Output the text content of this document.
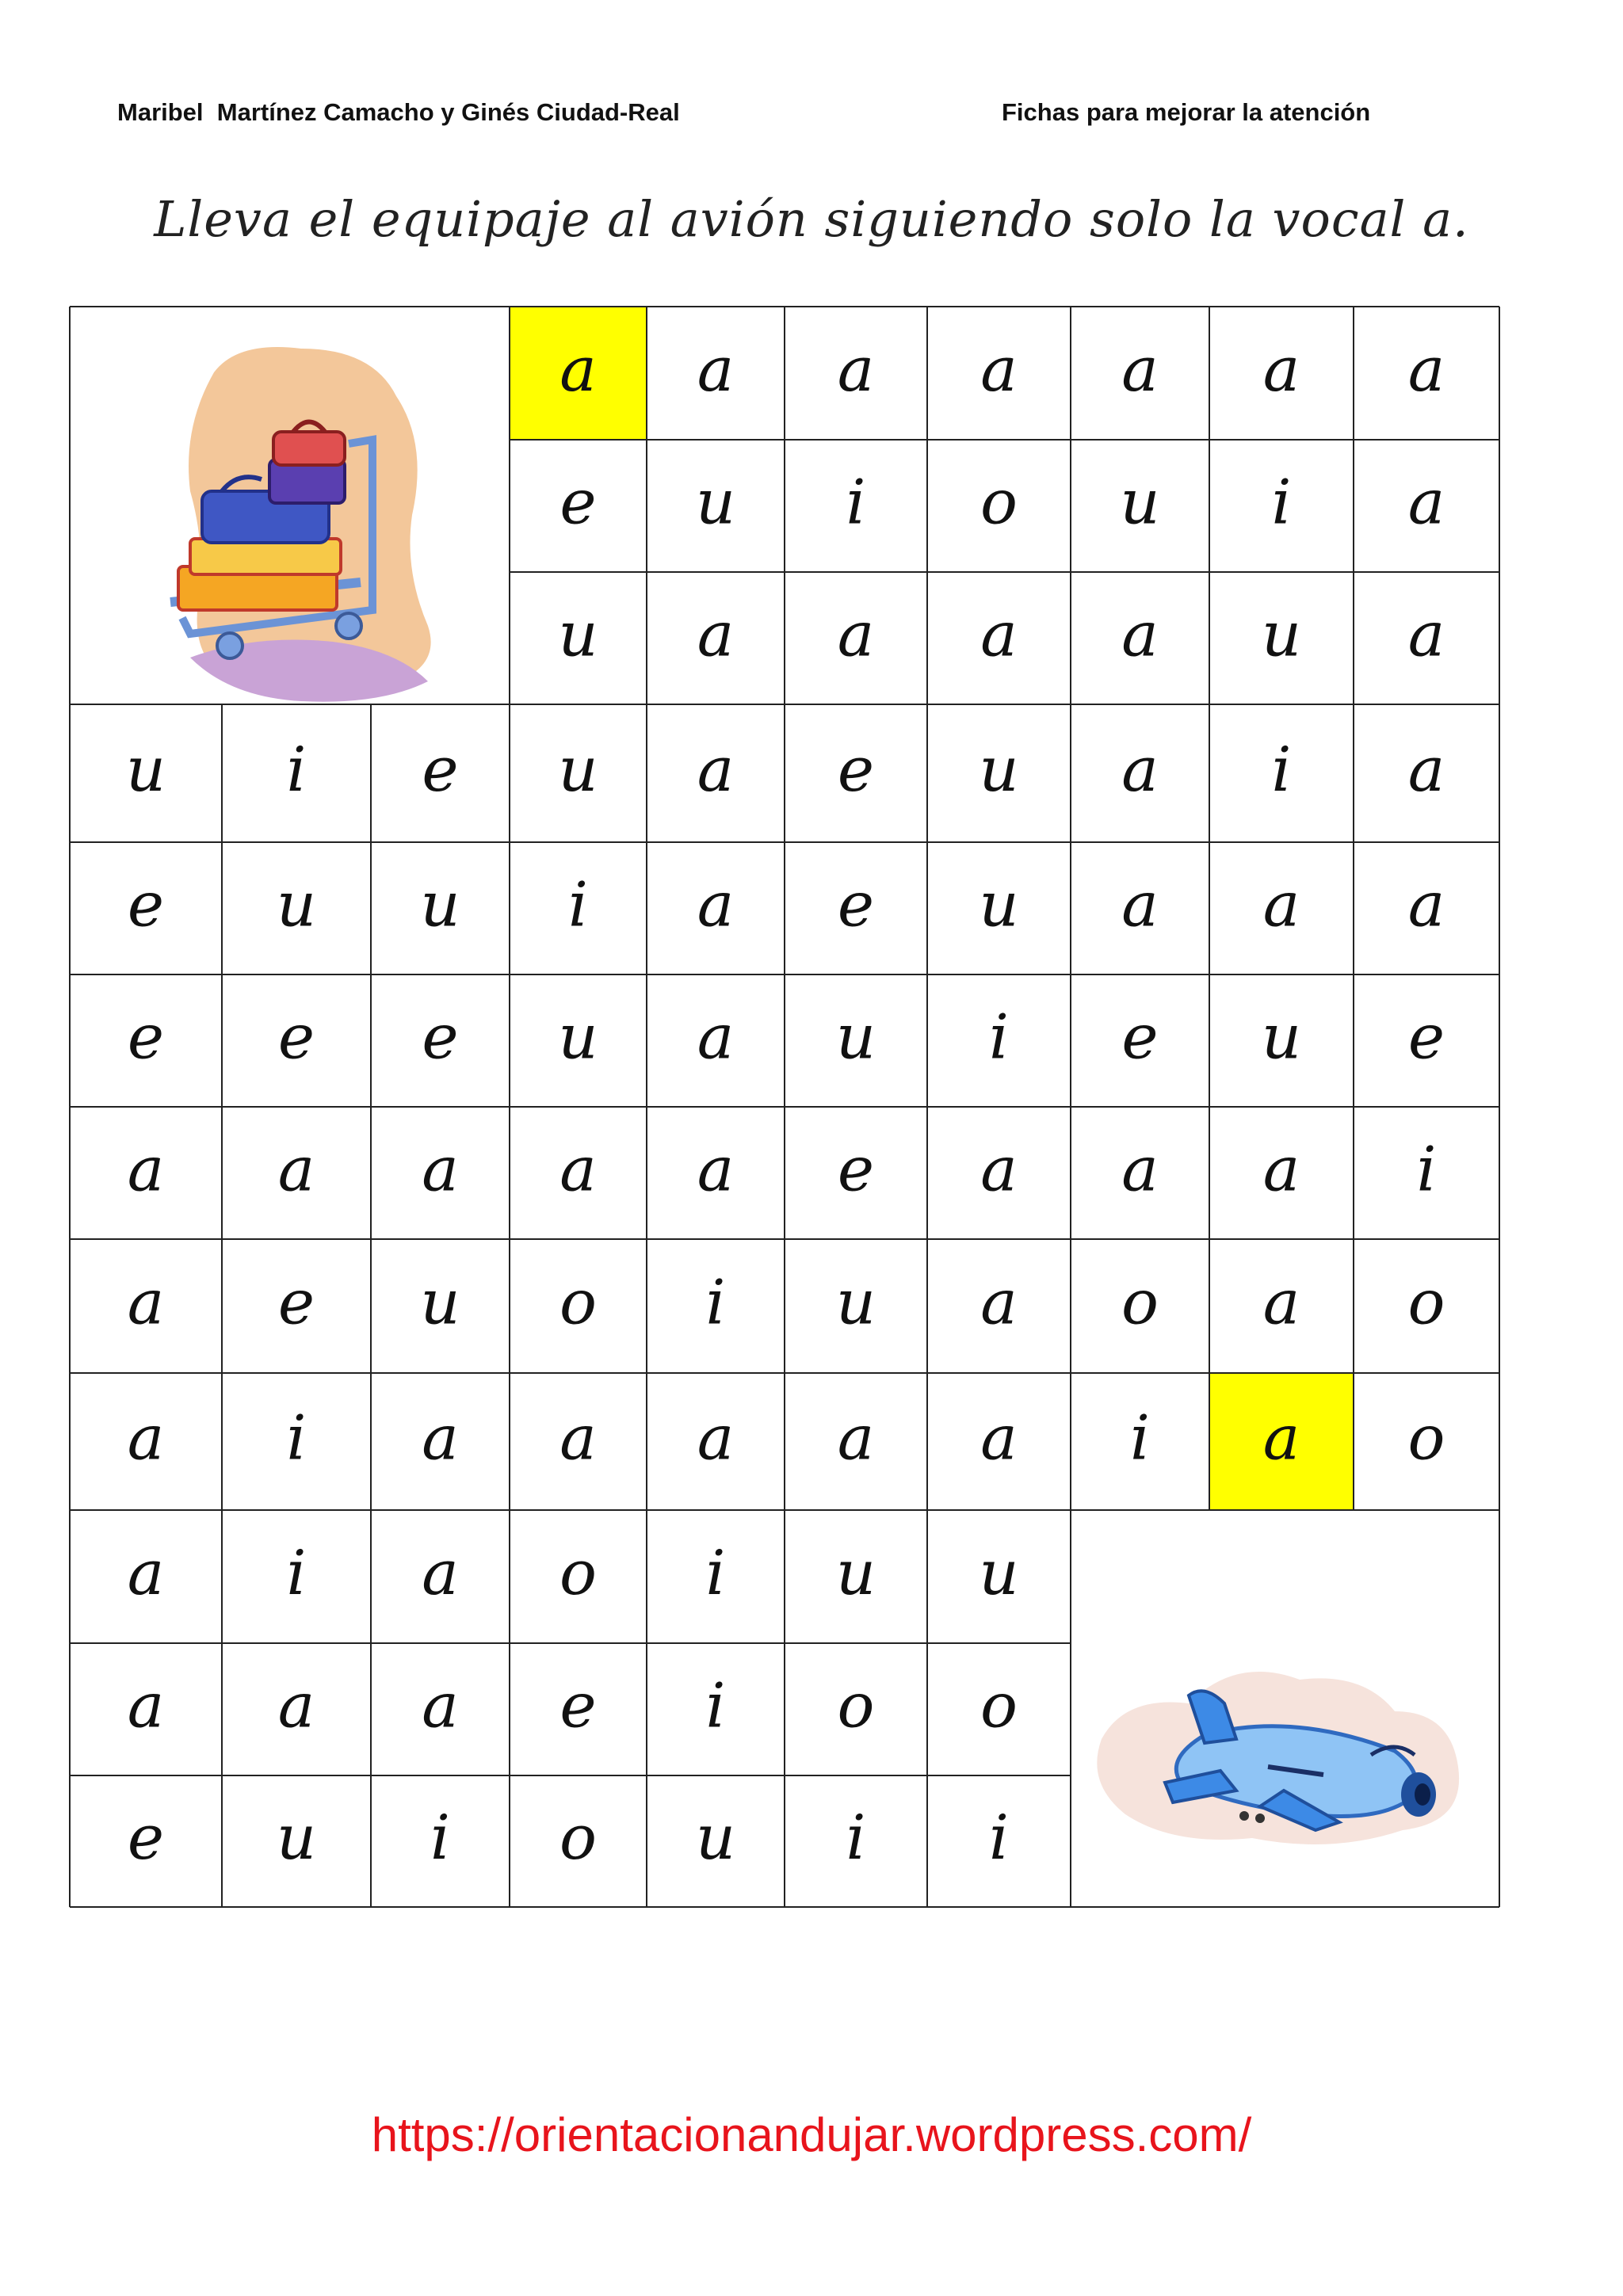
Maribel  Martínez Camacho y Ginés Ciudad-Real	Fichas para mejorar la atención
Lleva el equipaje al avión siguiendo solo la vocal a.
a a a a a a a
e u i o u i a
u a a a a u a
u i e u a e u a i a
e u u i a e u a a a
e e e u a u i e u e
a a a a a e a a a i
a e u o i u a o a o
a i a a a a a i a o
a i a o i u u
a a a e i o o
e u i o u i i
https://orientacionandujar.wordpress.com/
